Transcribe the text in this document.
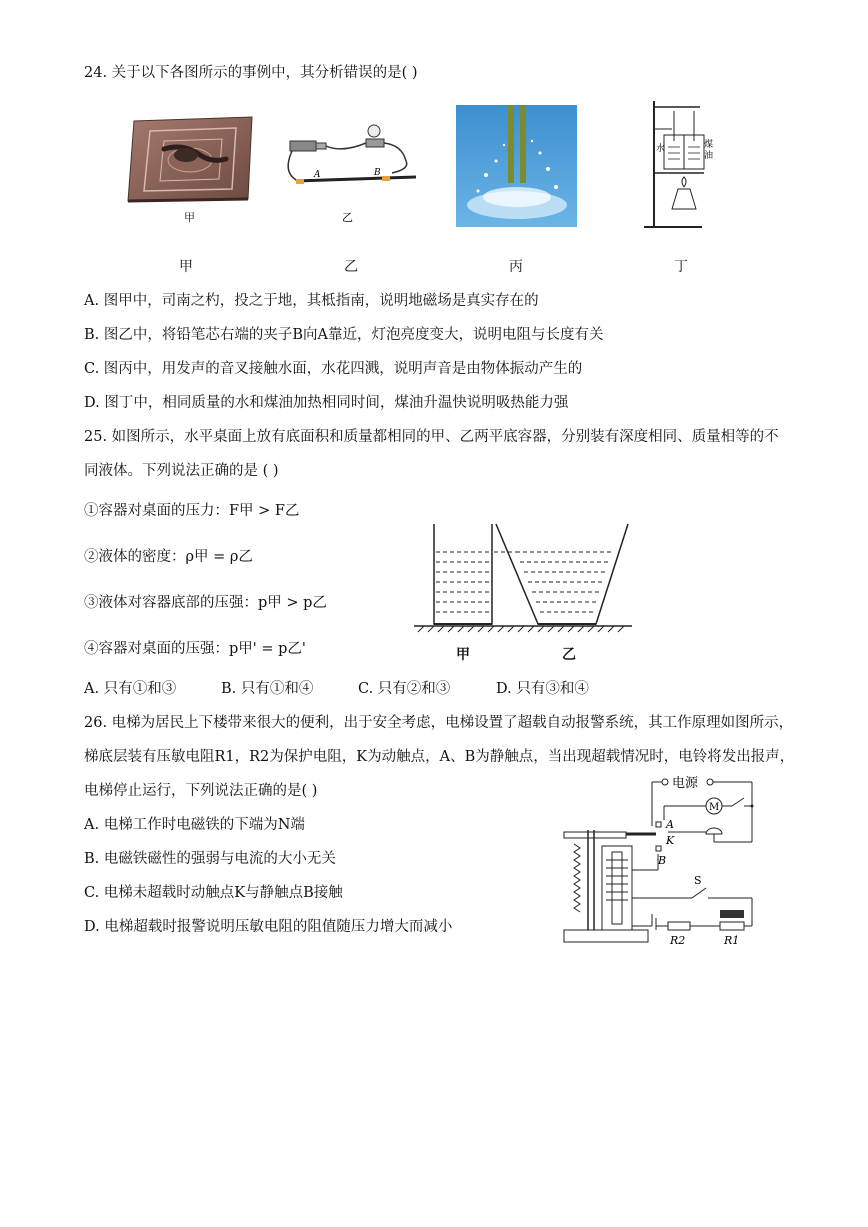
24. 关于以下各图所示的事例中，其分析错误的是( )
甲
A	B
乙
水	煤油
甲	乙	丙	丁
A. 图甲中，司南之杓，投之于地，其柢指南，说明地磁场是真实存在的
B. 图乙中，将铅笔芯右端的夹子B向A靠近，灯泡亮度变大，说明电阻与长度有关
C. 图丙中，用发声的音叉接触水面，水花四溅，说明声音是由物体振动产生的
D. 图丁中，相同质量的水和煤油加热相同时间，煤油升温快说明吸热能力强
25. 如图所示，水平桌面上放有底面积和质量都相同的甲、乙两平底容器，分别装有深度相同、质量相等的不
同液体。下列说法正确的是 ( )
①容器对桌面的压力：F甲 > F乙
②液体的密度：ρ甲 = ρ乙
③液体对容器底部的压强：p甲 > p乙
④容器对桌面的压强：p甲' = p乙'	甲	乙
A. 只有①和③	B. 只有①和④	C. 只有②和③	D. 只有③和④
26. 电梯为居民上下楼带来很大的便利，出于安全考虑，电梯设置了超载自动报警系统，其工作原理如图所示，
梯底层装有压敏电阻R1，R2为保护电阻，K为动触点，A、B为静触点，当出现超载情况时，电铃将发出报声，
电梯停止运行，下列说法正确的是( )
A. 电梯工作时电磁铁的下端为N端
B. 电磁铁磁性的强弱与电流的大小无关
C. 电梯未超载时动触点K与静触点B接触
D. 电梯超载时报警说明压敏电阻的阻值随压力增大而减小
电源
M
A
K
B
S
R2	R1
